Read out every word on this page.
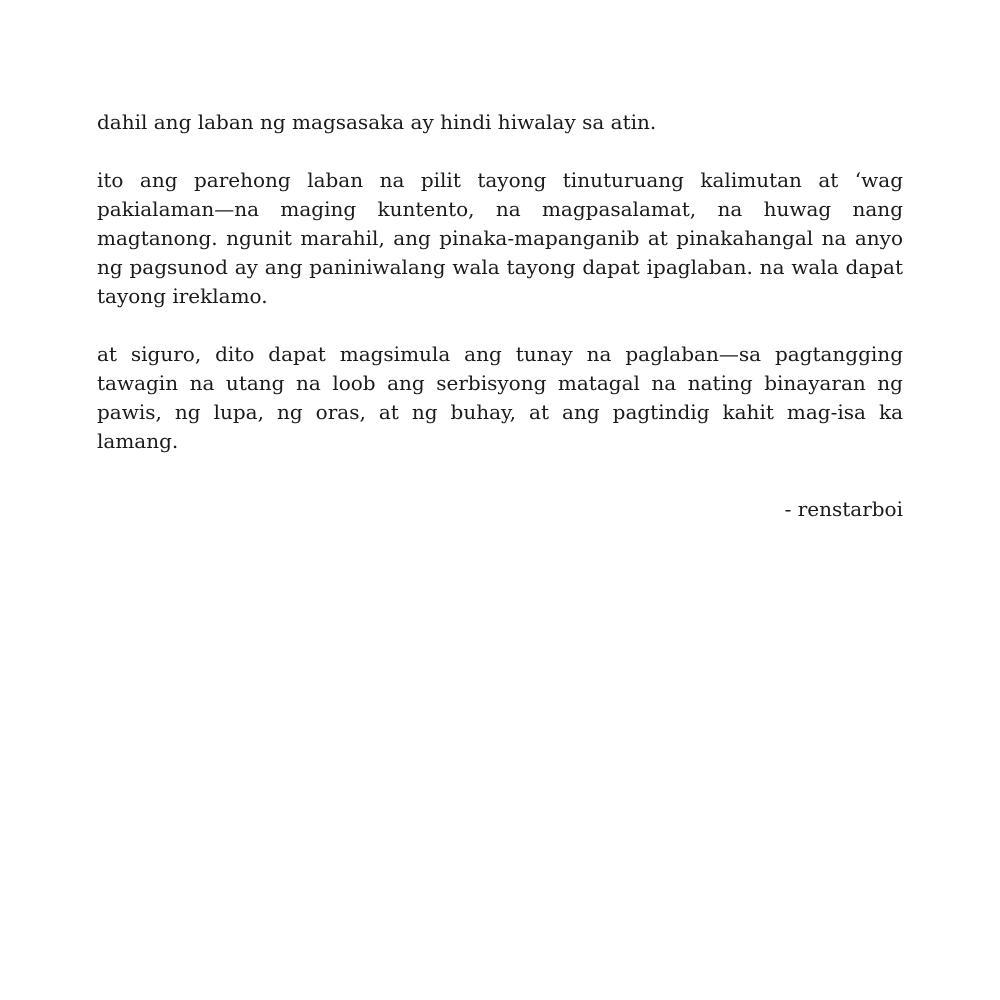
dahil ang laban ng magsasaka ay hindi hiwalay sa atin.

ito ang parehong laban na pilit tayong tinuturuang kalimutan at ‘wag pakialaman—na maging kuntento, na magpasalamat, na huwag nang magtanong. ngunit marahil, ang pinaka-mapanganib at pinakahangal na anyo ng pagsunod ay ang paniniwalang wala tayong dapat ipaglaban. na wala dapat tayong ireklamo.

at siguro, dito dapat magsimula ang tunay na paglaban—sa pagtangging tawagin na utang na loob ang serbisyong matagal na nating binayaran ng pawis, ng lupa, ng oras, at ng buhay, at ang pagtindig kahit mag-isa ka lamang.

- renstarboi
